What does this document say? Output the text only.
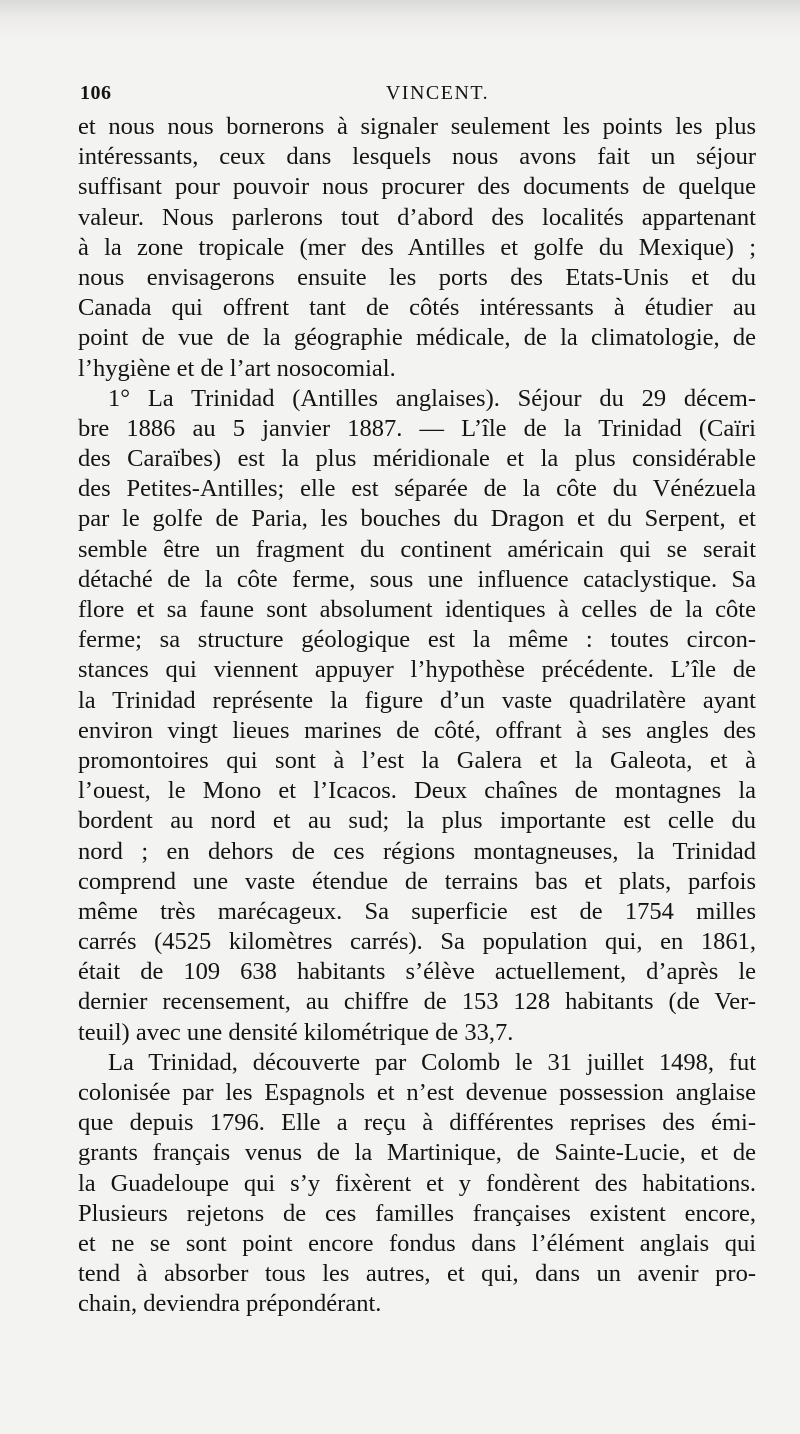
106	VINCENT.
et nous nous bornerons à signaler seulement les points les plus
intéressants, ceux dans lesquels nous avons fait un séjour
suffisant pour pouvoir nous procurer des documents de quelque
valeur. Nous parlerons tout d’abord des localités appartenant
à la zone tropicale (mer des Antilles et golfe du Mexique) ;
nous envisagerons ensuite les ports des Etats-Unis et du
Canada qui offrent tant de côtés intéressants à étudier au
point de vue de la géographie médicale, de la climatologie, de
l’hygiène et de l’art nosocomial.
1° La Trinidad (Antilles anglaises). Séjour du 29 décem-
bre 1886 au 5 janvier 1887. — L’île de la Trinidad (Caïri
des Caraïbes) est la plus méridionale et la plus considérable
des Petites-Antilles; elle est séparée de la côte du Vénézuela
par le golfe de Paria, les bouches du Dragon et du Serpent, et
semble être un fragment du continent américain qui se serait
détaché de la côte ferme, sous une influence cataclystique. Sa
flore et sa faune sont absolument identiques à celles de la côte
ferme; sa structure géologique est la même : toutes circon-
stances qui viennent appuyer l’hypothèse précédente. L’île de
la Trinidad représente la figure d’un vaste quadrilatère ayant
environ vingt lieues marines de côté, offrant à ses angles des
promontoires qui sont à l’est la Galera et la Galeota, et à
l’ouest, le Mono et l’Icacos. Deux chaînes de montagnes la
bordent au nord et au sud; la plus importante est celle du
nord ; en dehors de ces régions montagneuses, la Trinidad
comprend une vaste étendue de terrains bas et plats, parfois
même très marécageux. Sa superficie est de 1754 milles
carrés (4525 kilomètres carrés). Sa population qui, en 1861,
était de 109 638 habitants s’élève actuellement, d’après le
dernier recensement, au chiffre de 153 128 habitants (de Ver-
teuil) avec une densité kilométrique de 33,7.
La Trinidad, découverte par Colomb le 31 juillet 1498, fut
colonisée par les Espagnols et n’est devenue possession anglaise
que depuis 1796. Elle a reçu à différentes reprises des émi-
grants français venus de la Martinique, de Sainte-Lucie, et de
la Guadeloupe qui s’y fixèrent et y fondèrent des habitations.
Plusieurs rejetons de ces familles françaises existent encore,
et ne se sont point encore fondus dans l’élément anglais qui
tend à absorber tous les autres, et qui, dans un avenir pro-
chain, deviendra prépondérant.
